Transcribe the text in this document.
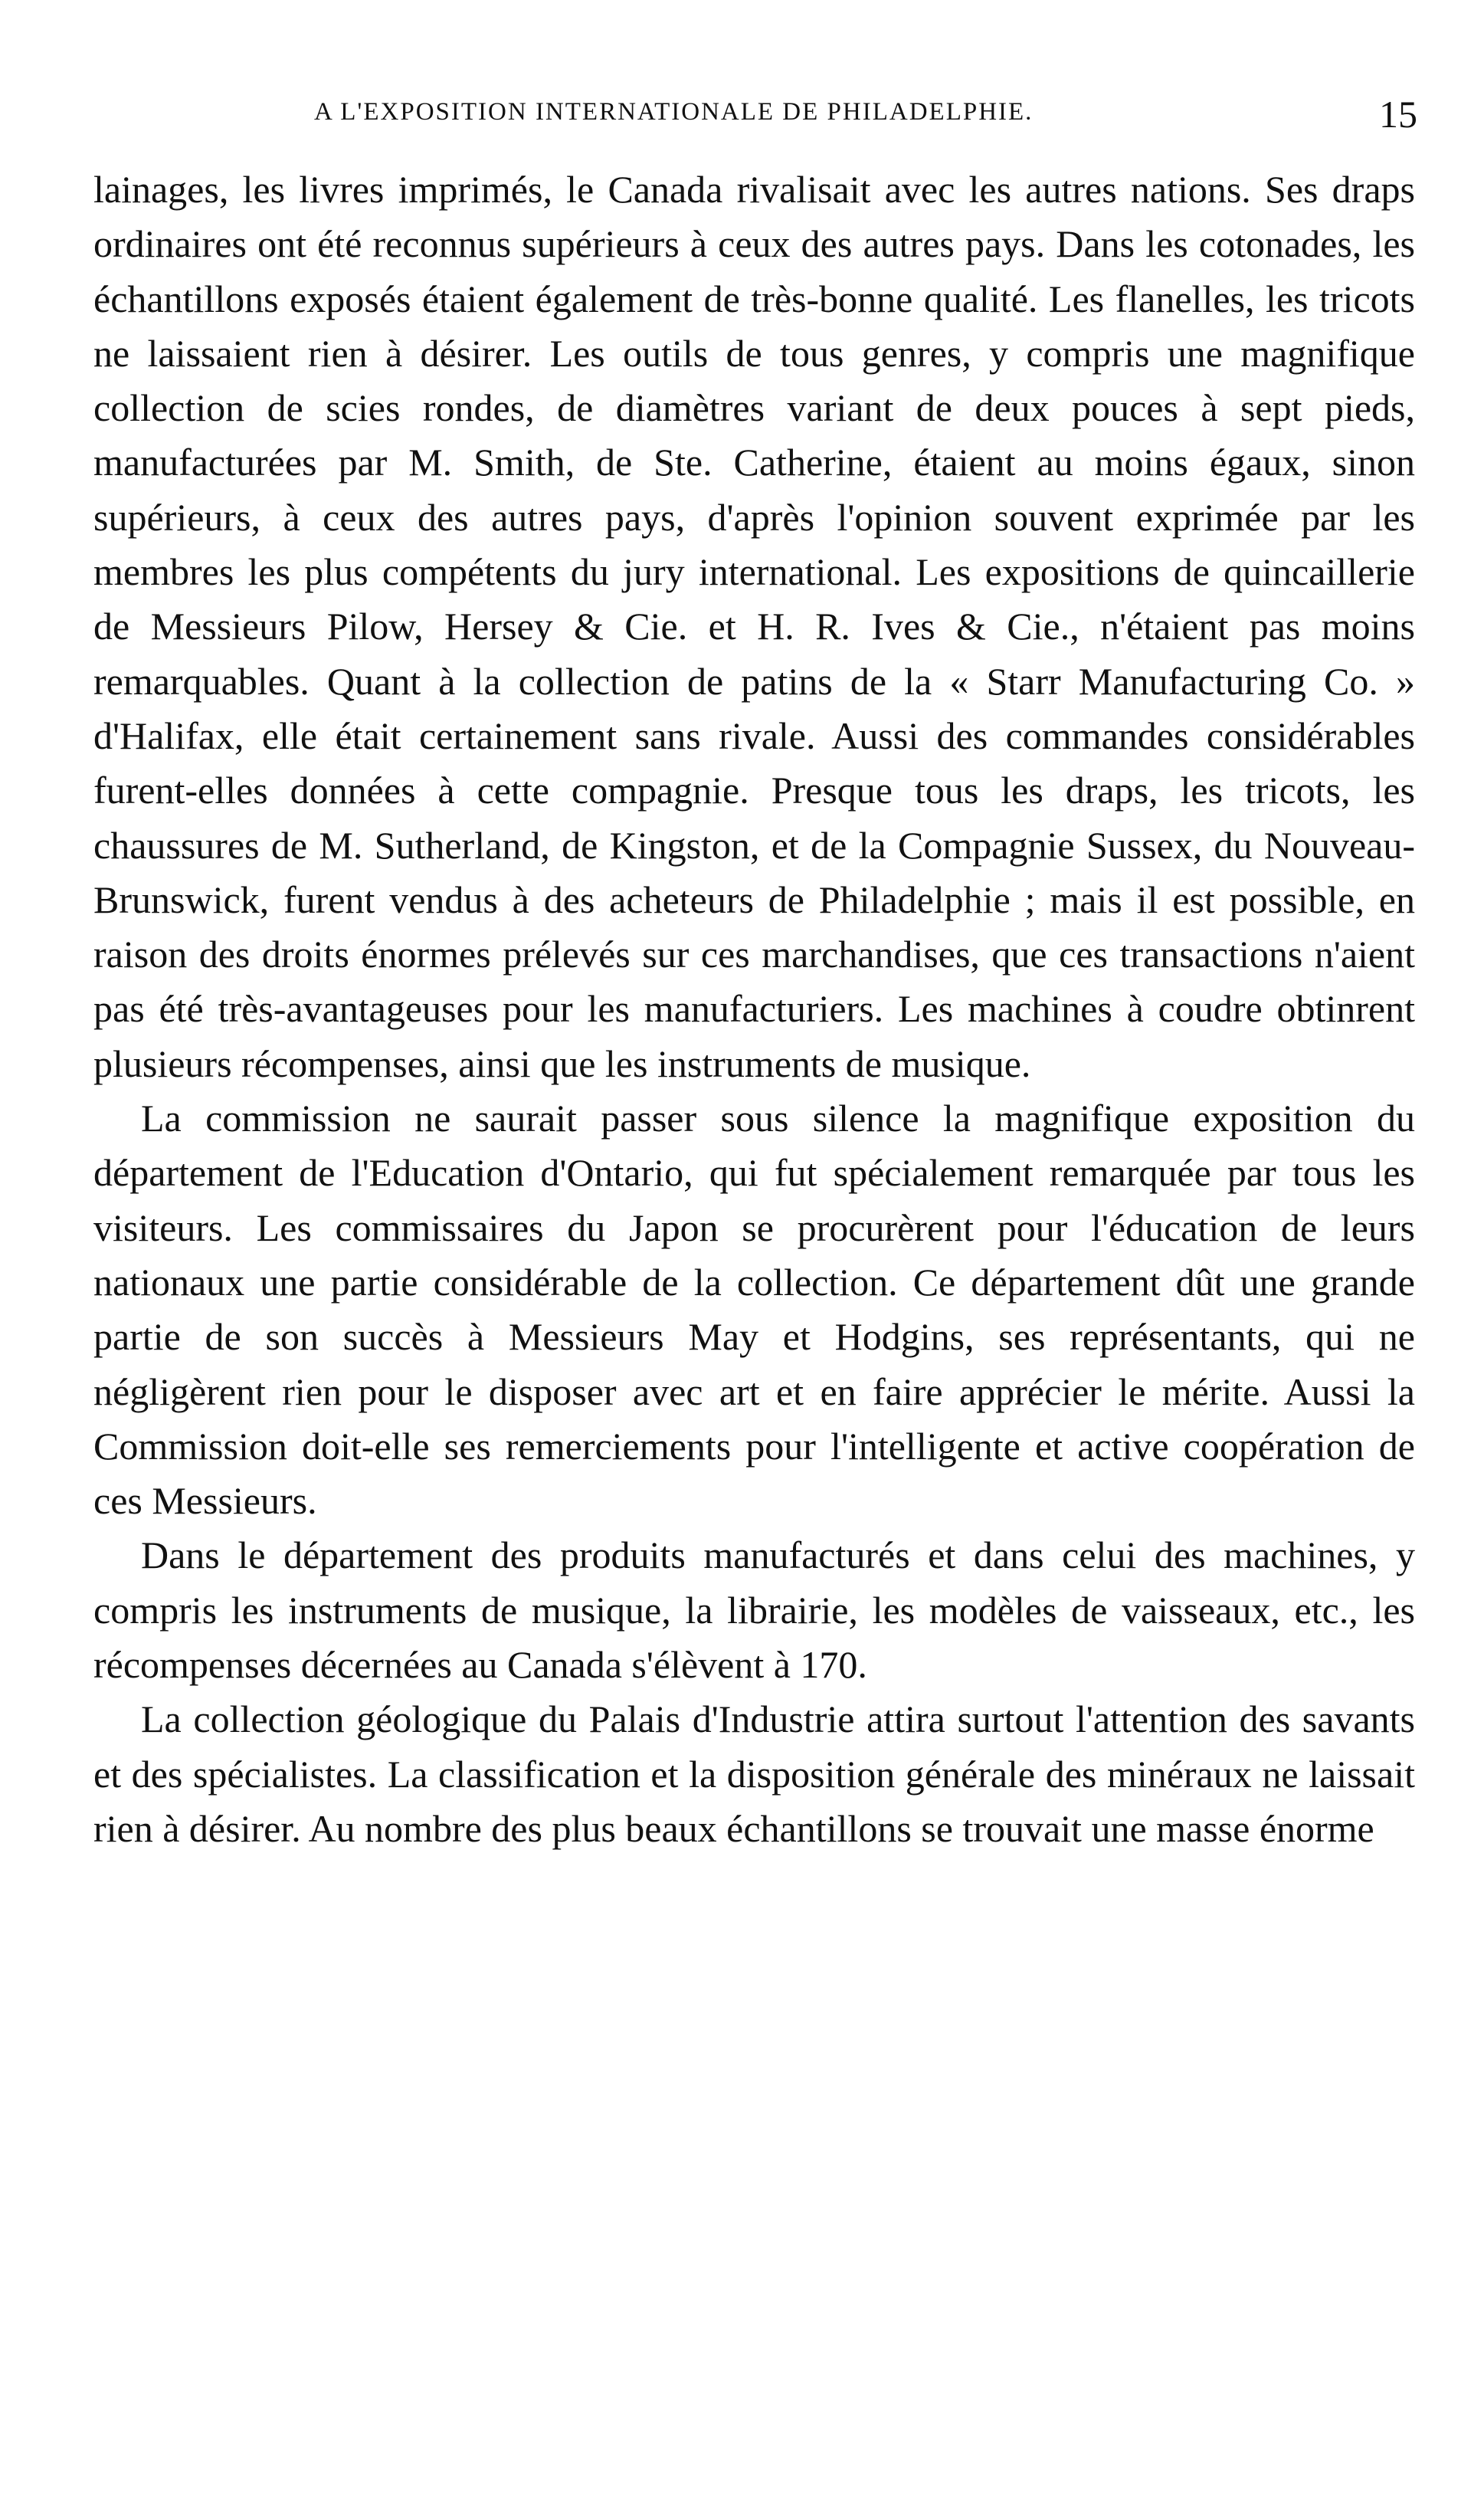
A L'EXPOSITION INTERNATIONALE DE PHILADELPHIE.	15

lainages, les livres imprimés, le Canada rivalisait avec les autres nations. Ses draps ordinaires ont été reconnus supérieurs à ceux des autres pays. Dans les cotonades, les échantillons exposés étaient également de très-bonne qualité. Les flanelles, les tricots ne laissaient rien à désirer. Les outils de tous genres, y compris une magnifique collection de scies rondes, de diamètres variant de deux pouces à sept pieds, manufacturées par M. Smith, de Ste. Catherine, étaient au moins égaux, sinon supérieurs, à ceux des autres pays, d'après l'opinion souvent exprimée par les membres les plus compétents du jury international. Les expositions de quincaillerie de Messieurs Pilow, Hersey & Cie. et H. R. Ives & Cie., n'étaient pas moins remarquables. Quant à la collection de patins de la « Starr Manufacturing Co. » d'Halifax, elle était certainement sans rivale. Aussi des commandes considérables furent-elles données à cette compagnie. Presque tous les draps, les tricots, les chaussures de M. Sutherland, de Kingston, et de la Compagnie Sussex, du Nouveau-Brunswick, furent vendus à des acheteurs de Philadelphie ; mais il est possible, en raison des droits énormes prélevés sur ces marchandises, que ces transactions n'aient pas été très-avantageuses pour les manufacturiers. Les machines à coudre obtinrent plusieurs récompenses, ainsi que les instruments de musique.

La commission ne saurait passer sous silence la magnifique exposition du département de l'Education d'Ontario, qui fut spécialement remarquée par tous les visiteurs. Les commissaires du Japon se procurèrent pour l'éducation de leurs nationaux une partie considérable de la collection. Ce département dût une grande partie de son succès à Messieurs May et Hodgins, ses représentants, qui ne négligèrent rien pour le disposer avec art et en faire apprécier le mérite. Aussi la Commission doit-elle ses remerciements pour l'intelligente et active coopération de ces Messieurs.

Dans le département des produits manufacturés et dans celui des machines, y compris les instruments de musique, la librairie, les modèles de vaisseaux, etc., les récompenses décernées au Canada s'élèvent à 170.

La collection géologique du Palais d'Industrie attira surtout l'attention des savants et des spécialistes. La classification et la disposition générale des minéraux ne laissait rien à désirer. Au nombre des plus beaux échantillons se trouvait une masse énorme
